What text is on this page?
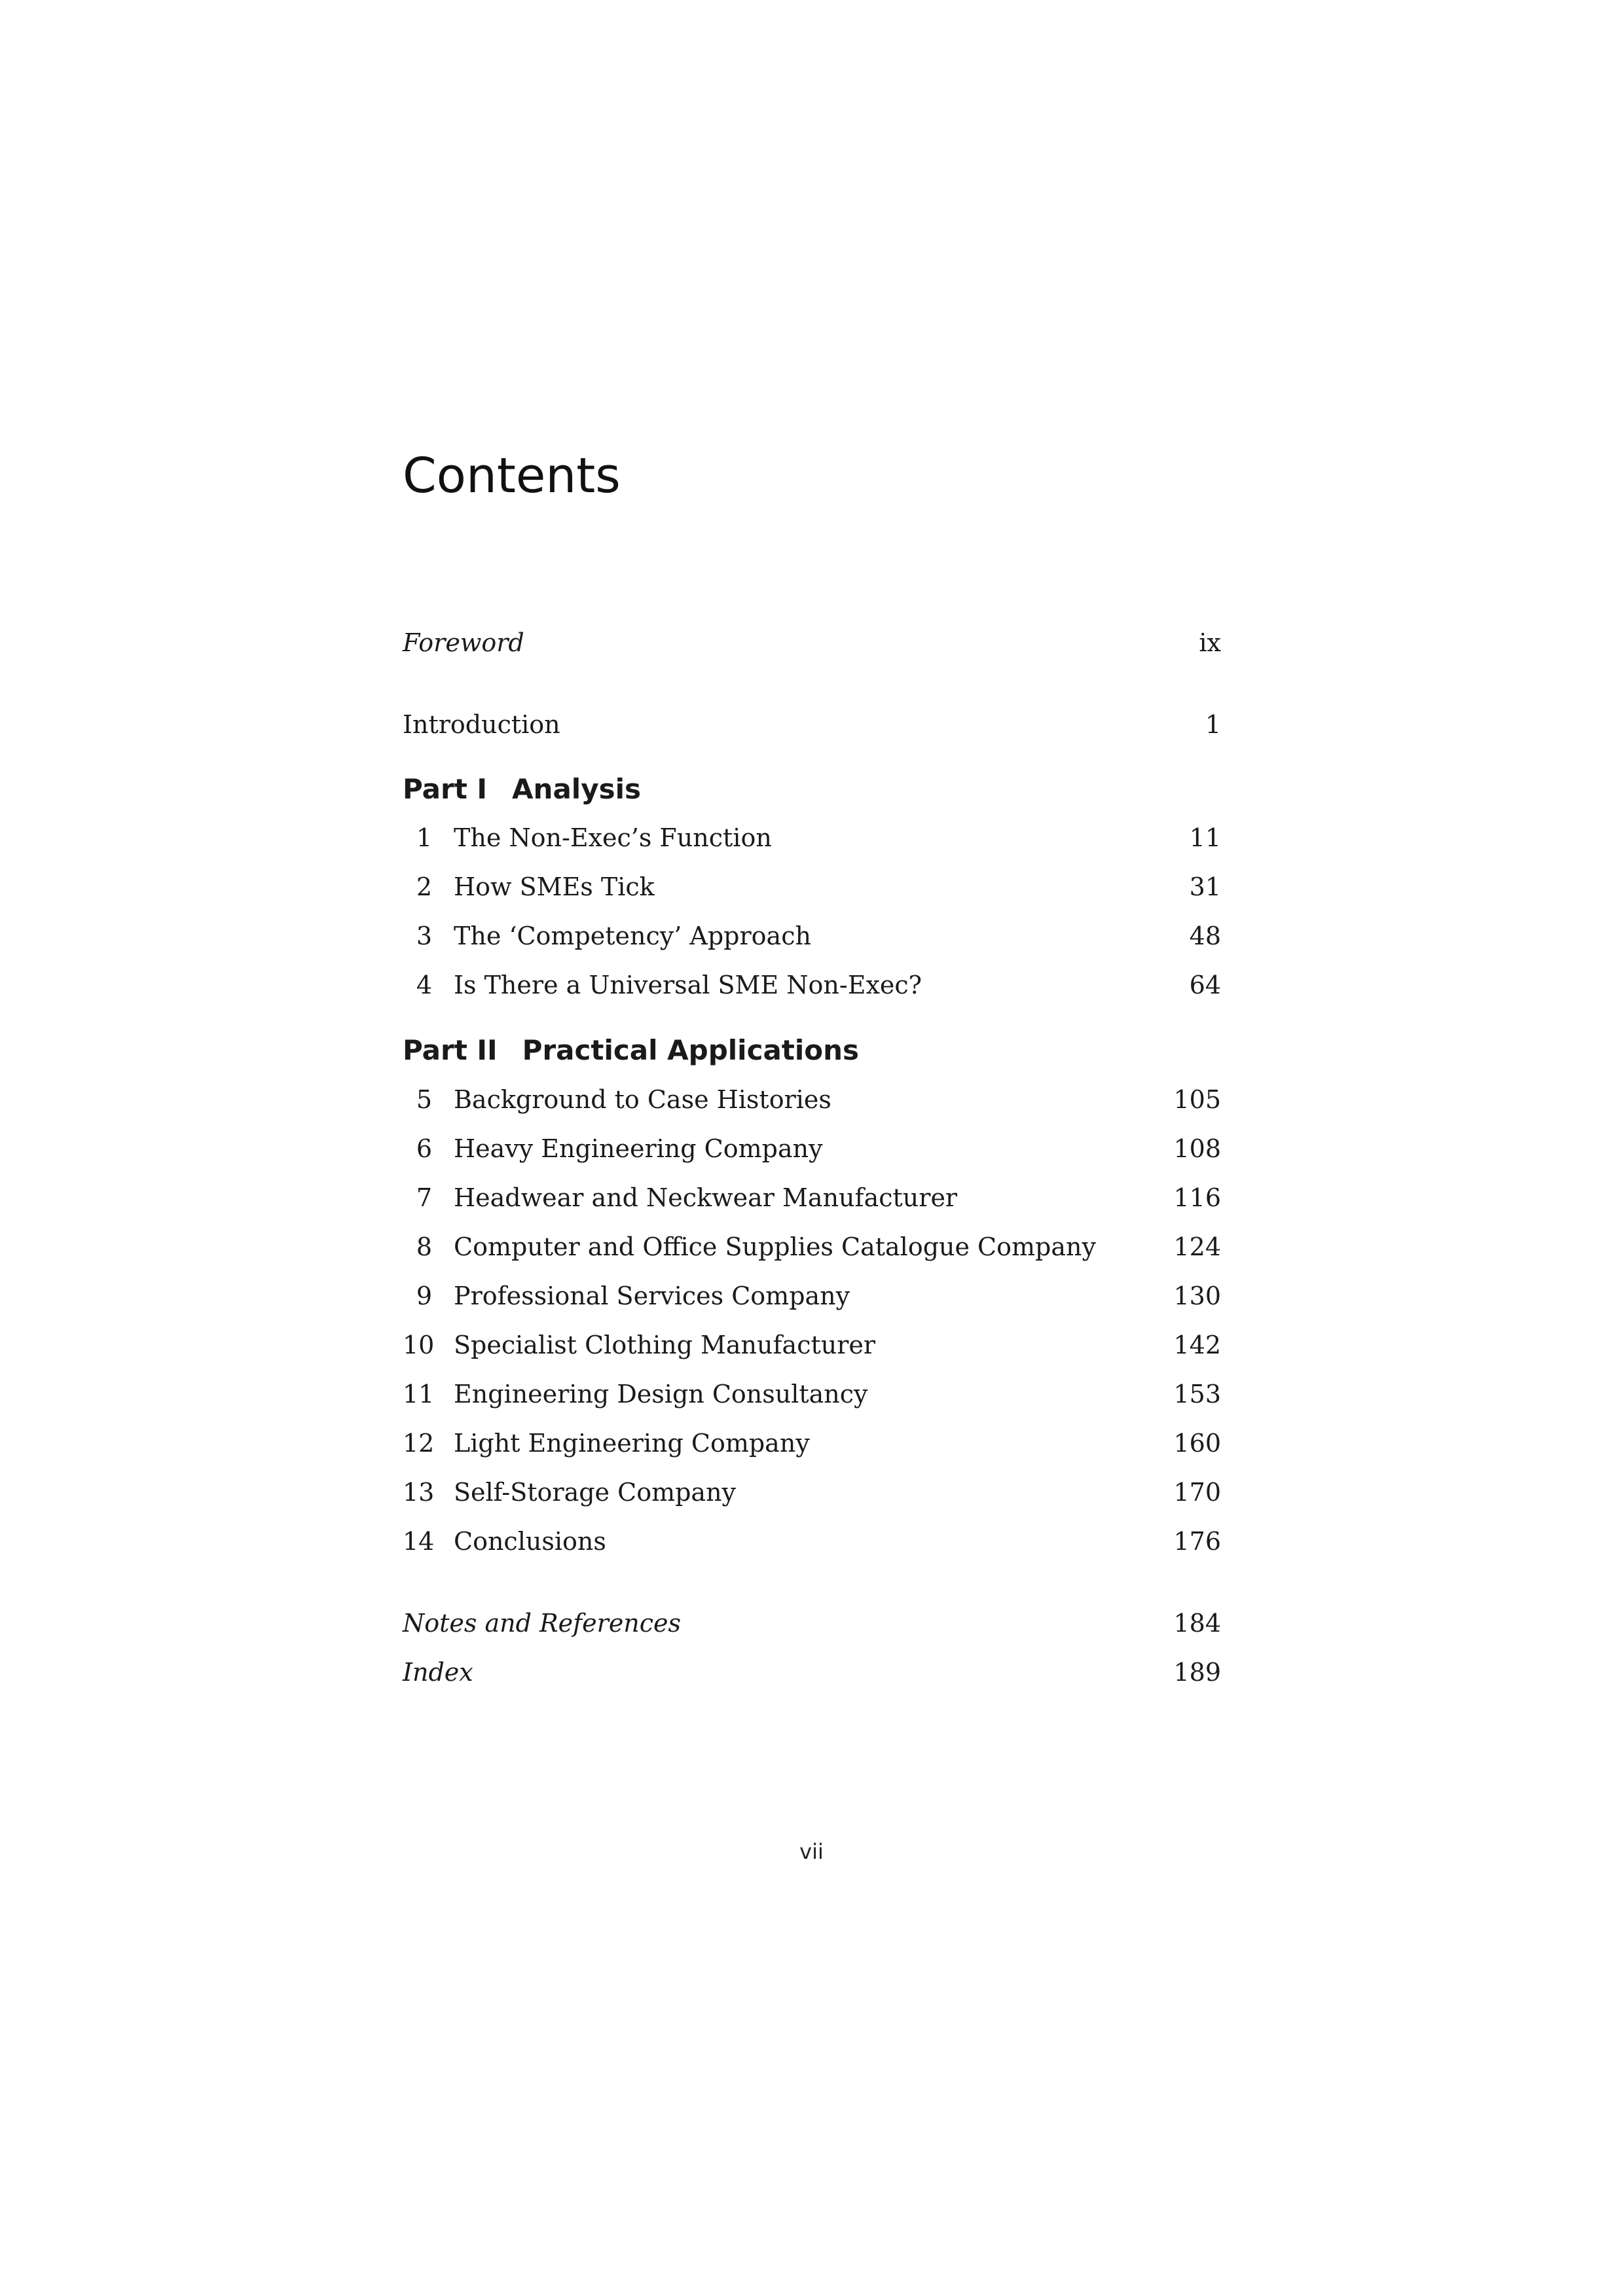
Contents
Foreword	ix
Introduction	1
Part I Analysis
1 The Non-Exec’s Function	11
2 How SMEs Tick	31
3 The ‘Competency’ Approach	48
4 Is There a Universal SME Non-Exec?	64
Part II Practical Applications
5 Background to Case Histories	105
6 Heavy Engineering Company	108
7 Headwear and Neckwear Manufacturer	116
8 Computer and Office Supplies Catalogue Company	124
9 Professional Services Company	130
10 Specialist Clothing Manufacturer	142
11 Engineering Design Consultancy	153
12 Light Engineering Company	160
13 Self-Storage Company	170
14 Conclusions	176
Notes and References	184
Index	189
vii
